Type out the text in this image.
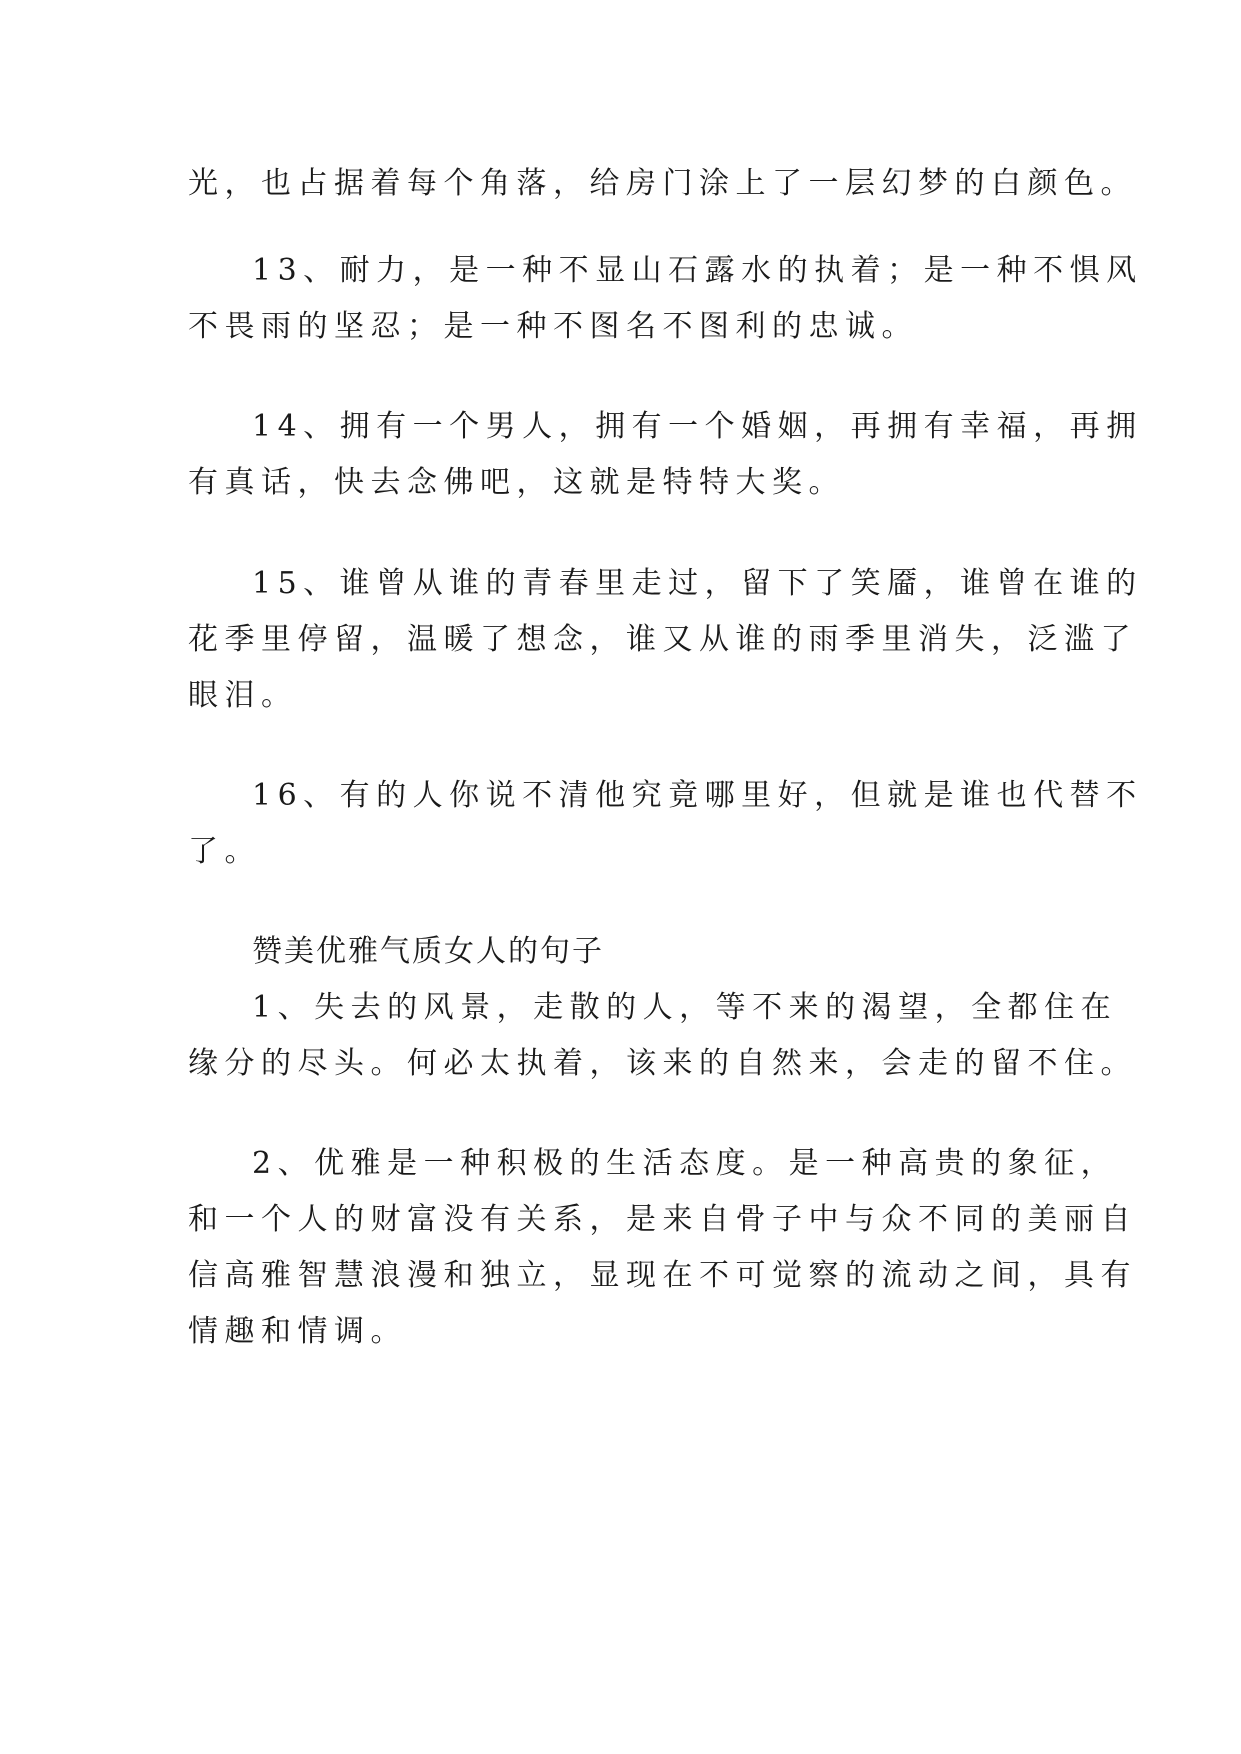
光，也占据着每个角落，给房门涂上了一层幻梦的白颜色。
13、耐力，是一种不显山石露水的执着；是一种不惧风
不畏雨的坚忍；是一种不图名不图利的忠诚。
14、拥有一个男人，拥有一个婚姻，再拥有幸福，再拥
有真话，快去念佛吧，这就是特特大奖。
15、谁曾从谁的青春里走过，留下了笑靥，谁曾在谁的
花季里停留，温暖了想念，谁又从谁的雨季里消失，泛滥了
眼泪。
16、有的人你说不清他究竟哪里好，但就是谁也代替不
了。
赞美优雅气质女人的句子
1、失去的风景，走散的人，等不来的渴望，全都住在
缘分的尽头。何必太执着，该来的自然来，会走的留不住。
2、优雅是一种积极的生活态度。是一种高贵的象征，
和一个人的财富没有关系，是来自骨子中与众不同的美丽自
信高雅智慧浪漫和独立，显现在不可觉察的流动之间，具有
情趣和情调。
